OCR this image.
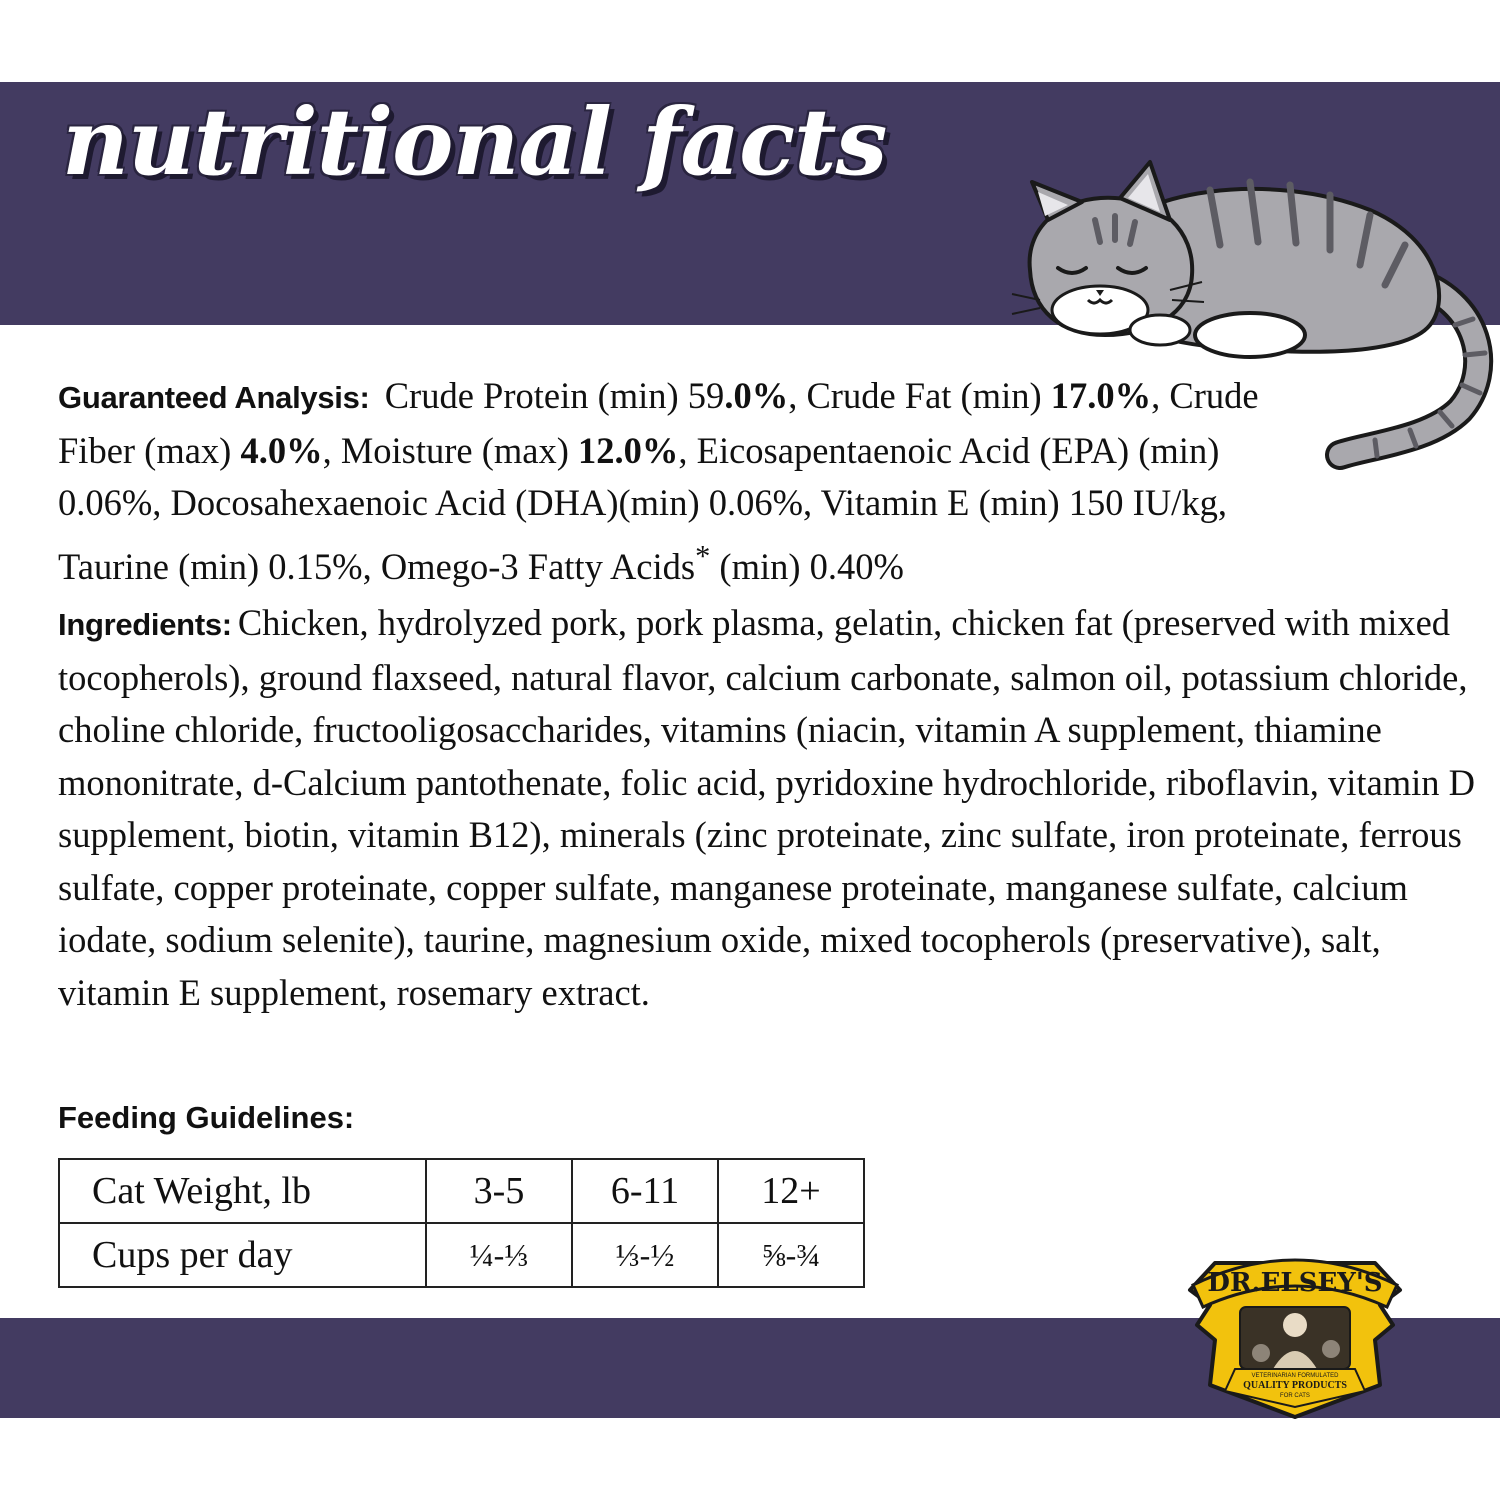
nutritional facts

Guaranteed Analysis: Crude Protein (min) 59.0%, Crude Fat (min) 17.0%, Crude Fiber (max) 4.0%, Moisture (max) 12.0%, Eicosapentaenoic Acid (EPA) (min) 0.06%, Docosahexaenoic Acid (DHA)(min) 0.06%, Vitamin E (min) 150 IU/kg, Taurine (min) 0.15%, Omego-3 Fatty Acids* (min) 0.40%

Ingredients: Chicken, hydrolyzed pork, pork plasma, gelatin, chicken fat (preserved with mixed tocopherols), ground flaxseed, natural flavor, calcium carbonate, salmon oil, potassium chloride, choline chloride, fructooligosaccharides, vitamins (niacin, vitamin A supplement, thiamine mononitrate, d-Calcium pantothenate, folic acid, pyridoxine hydrochloride, riboflavin, vitamin D supplement, biotin, vitamin B12), minerals (zinc proteinate, zinc sulfate, iron proteinate, ferrous sulfate, copper proteinate, copper sulfate, manganese proteinate, manganese sulfate, calcium iodate, sodium selenite), taurine, magnesium oxide, mixed tocopherols (preservative), salt, vitamin E supplement, rosemary extract.

Feeding Guidelines:
Cat Weight, lb	3-5	6-11	12+
Cups per day	¼-⅓	⅓-½	⅝-¾
DR.ELSEY'S
VETERINARIAN FORMULATED
QUALITY PRODUCTS
FOR CATS
